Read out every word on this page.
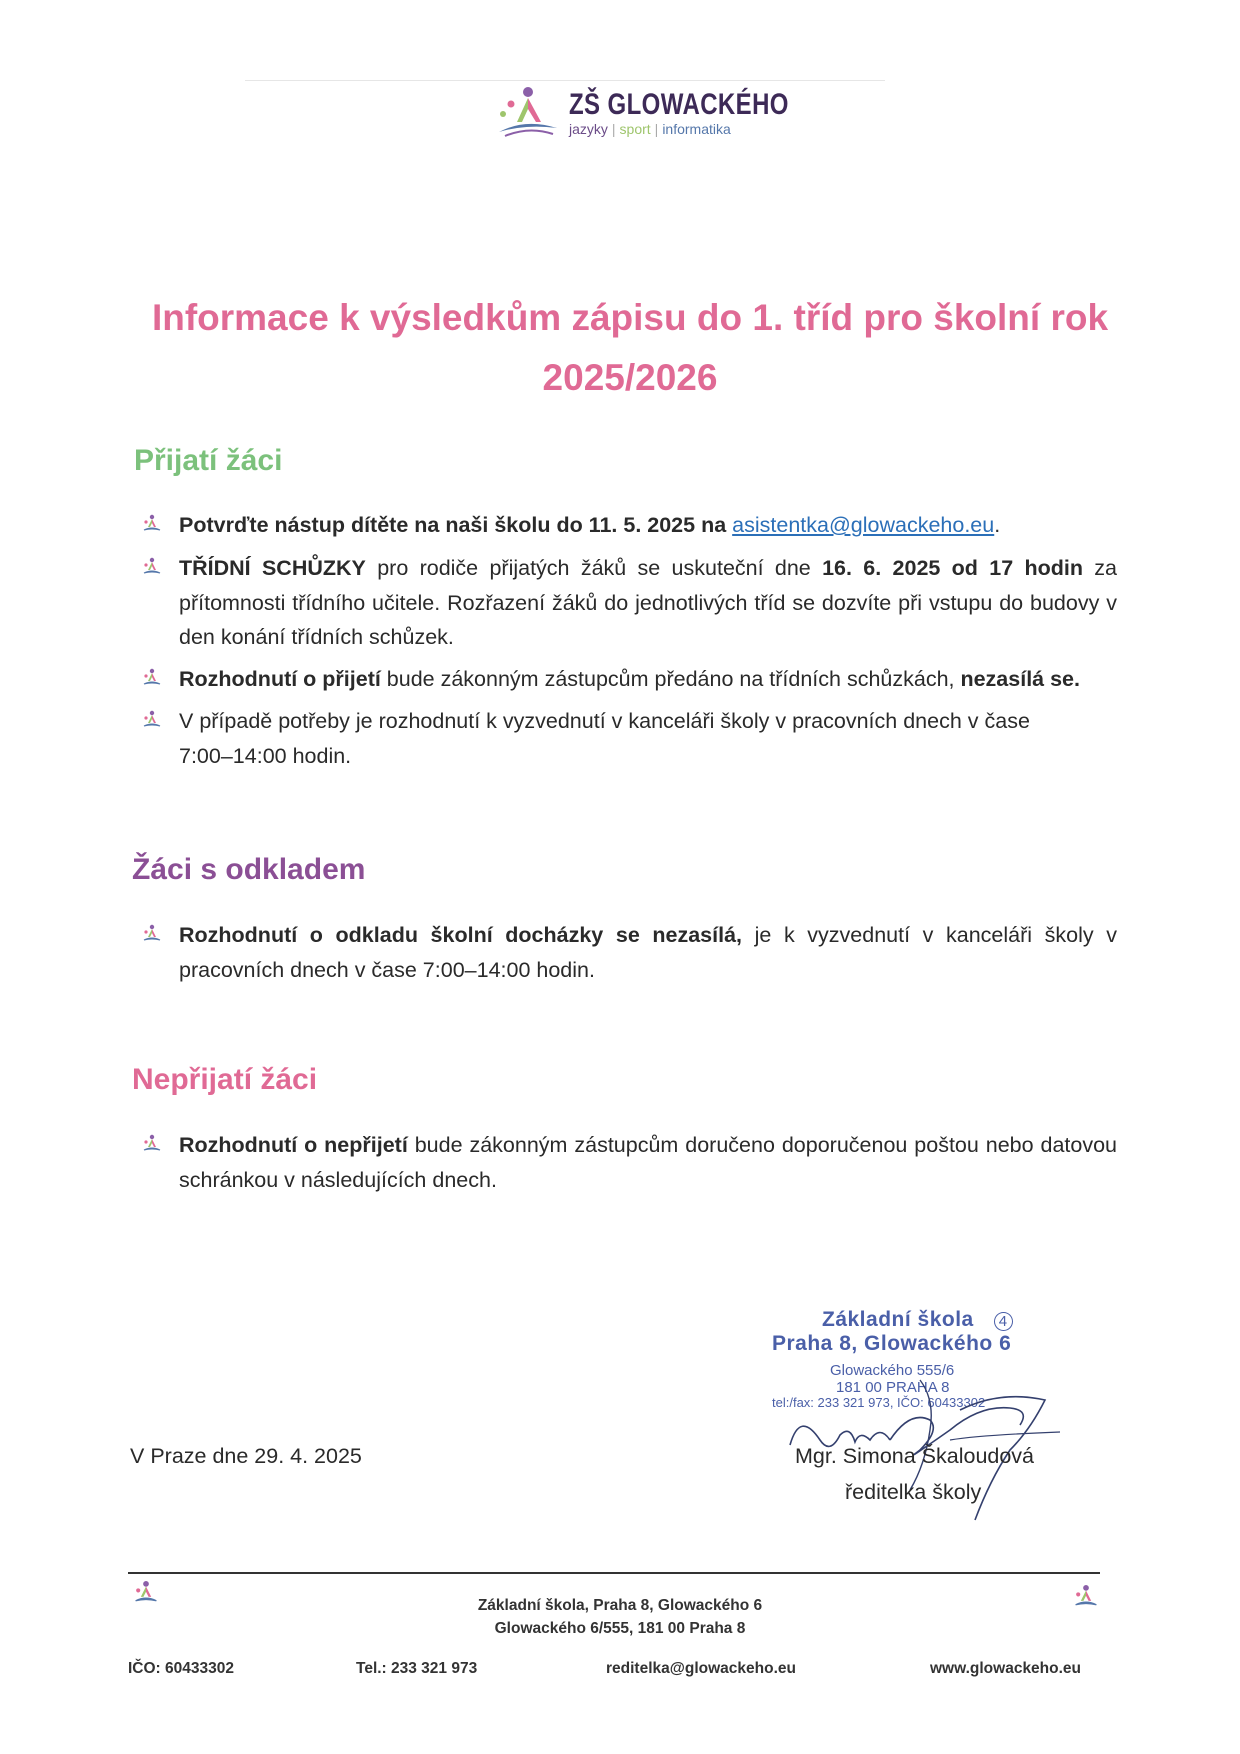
ZŠ GLOWACKÉHO
jazyky | sport | informatika
Informace k výsledkům zápisu do 1. tříd pro školní rok
2025/2026
Přijatí žáci
Potvrďte nástup dítěte na naši školu do 11. 5. 2025 na asistentka@glowackeho.eu.
TŘÍDNÍ SCHŮZKY pro rodiče přijatých žáků se uskuteční dne 16. 6. 2025 od 17 hodin za přítomnosti třídního učitele. Rozřazení žáků do jednotlivých tříd se dozvíte při vstupu do budovy v den konání třídních schůzek.
Rozhodnutí o přijetí bude zákonným zástupcům předáno na třídních schůzkách, nezasílá se.
V případě potřeby je rozhodnutí k vyzvednutí v kanceláři školy v pracovních dnech v čase 7:00–14:00 hodin.
Žáci s odkladem
Rozhodnutí o odkladu školní docházky se nezasílá, je k vyzvednutí v kanceláři školy v pracovních dnech v čase 7:00–14:00 hodin.
Nepřijatí žáci
Rozhodnutí o nepřijetí bude zákonným zástupcům doručeno doporučenou poštou nebo datovou schránkou v následujících dnech.
V Praze dne 29. 4. 2025
Základní škola 4
Praha 8, Glowackého 6
Glowackého 555/6
181 00 PRAHA 8
tel:/fax: 233 321 973, IČO: 60433302
Mgr. Simona Škaloudová
ředitelka školy
Základní škola, Praha 8, Glowackého 6
Glowackého 6/555, 181 00 Praha 8
IČO: 60433302	Tel.: 233 321 973	reditelka@glowackeho.eu	www.glowackeho.eu
